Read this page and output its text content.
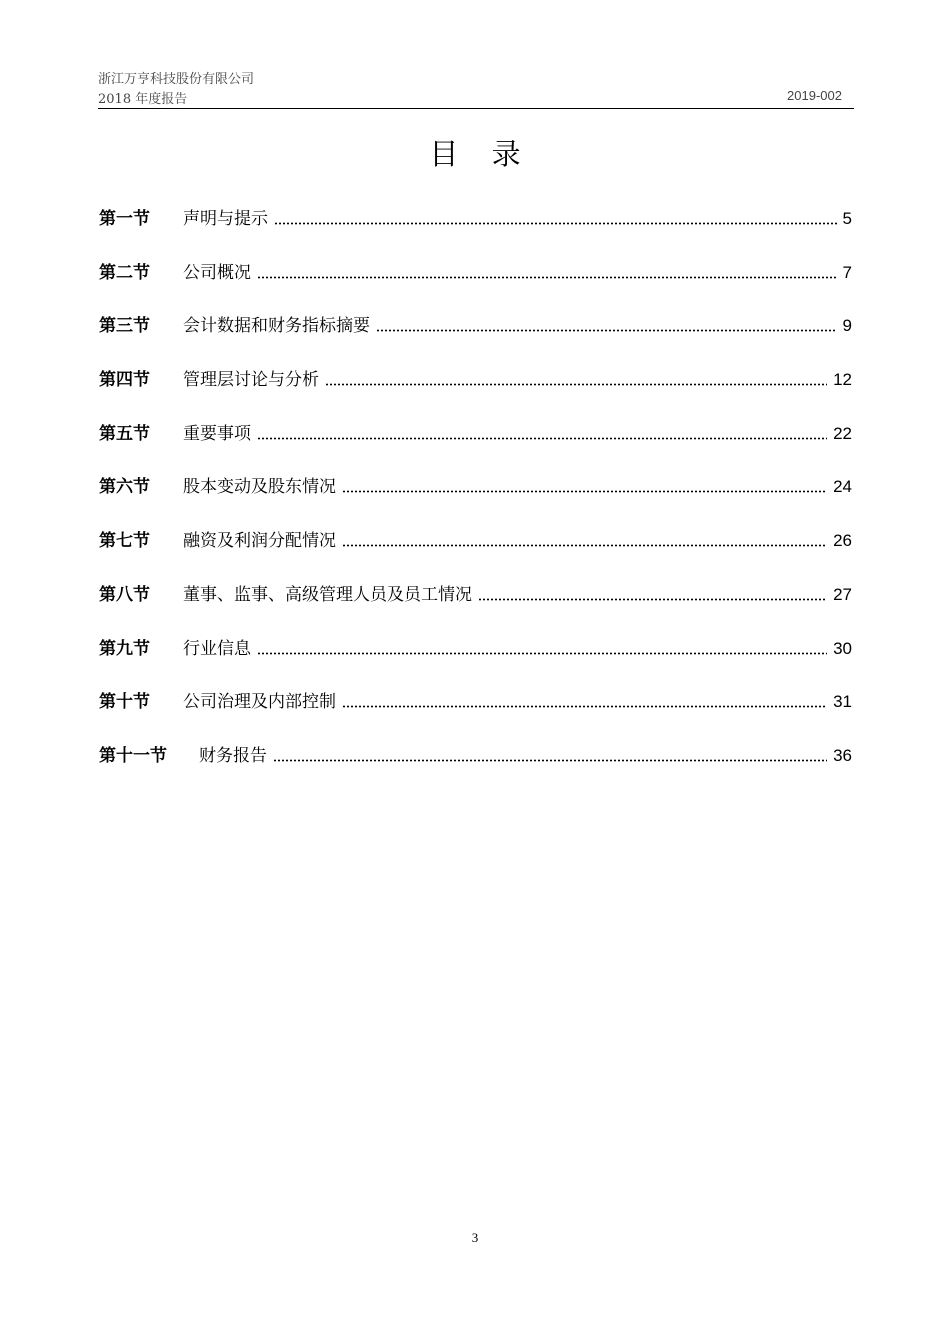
浙江万亨科技股份有限公司
2018 年度报告	2019-002
目 录
第一节	声明与提示	5
第二节	公司概况	7
第三节	会计数据和财务指标摘要	9
第四节	管理层讨论与分析	12
第五节	重要事项	22
第六节	股本变动及股东情况	24
第七节	融资及利润分配情况	26
第八节	董事、监事、高级管理人员及员工情况	27
第九节	行业信息	30
第十节	公司治理及内部控制	31
第十一节	财务报告	36
3
